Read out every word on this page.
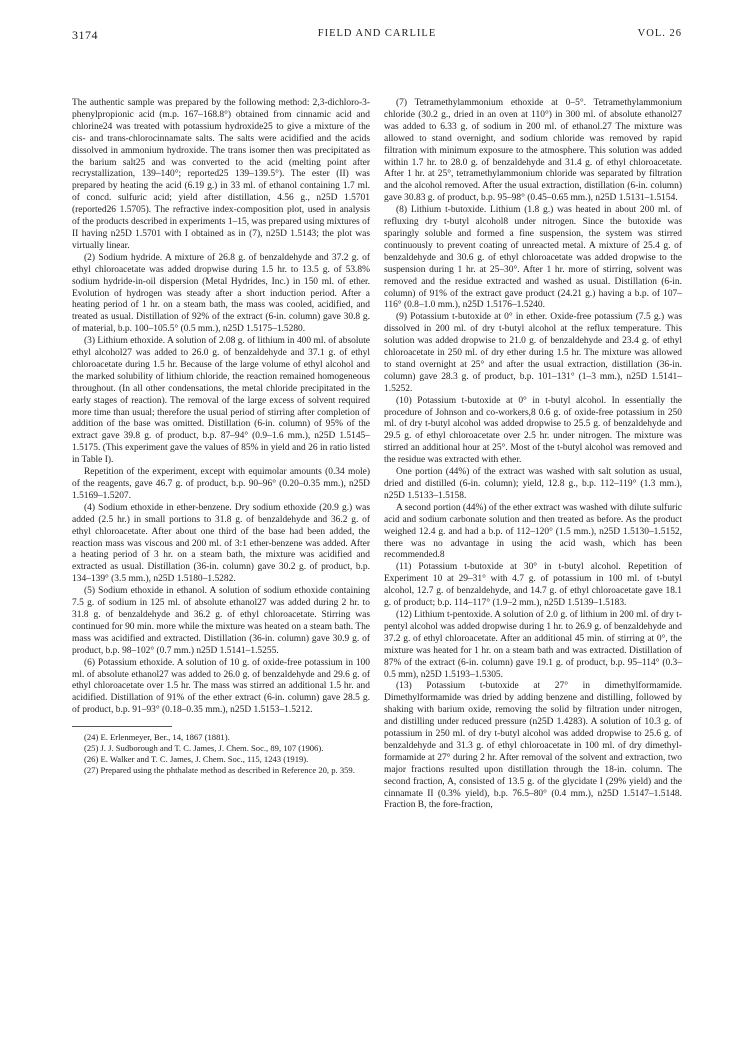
3174	FIELD AND CARLILE	VOL. 26

The authentic sample was prepared by the following method: 2,3-dichloro-3-phenylpropionic acid (m.p. 167–168.8°) obtained from cinnamic acid and chlorine24 was treated with potassium hydroxide25 to give a mixture of the cis- and trans-chlorocinnamate salts. The salts were acidified and the acids dissolved in ammonium hydroxide. The trans isomer then was precipitated as the barium salt25 and was converted to the acid (melting point after recrystallization, 139–140°; reported25 139–139.5°). The ester (II) was prepared by heating the acid (6.19 g.) in 33 ml. of ethanol containing 1.7 ml. of concd. sulfuric acid; yield after distillation, 4.56 g., n25D 1.5701 (reported26 1.5705). The refractive index-composition plot, used in analysis of the products described in experiments 1–15, was prepared using mixtures of II having n25D 1.5701 with I obtained as in (7), n25D 1.5143; the plot was virtually linear.

(2) Sodium hydride. A mixture of 26.8 g. of benzaldehyde and 37.2 g. of ethyl chloroacetate was added dropwise during 1.5 hr. to 13.5 g. of 53.8% sodium hydride-in-oil dispersion (Metal Hydrides, Inc.) in 150 ml. of ether. Evolution of hydrogen was steady after a short induction period. After a heating period of 1 hr. on a steam bath, the mass was cooled, acidified, and treated as usual. Distillation of 92% of the extract (6-in. column) gave 30.8 g. of material, b.p. 100–105.5° (0.5 mm.), n25D 1.5175–1.5280.

(3) Lithium ethoxide. A solution of 2.08 g. of lithium in 400 ml. of absolute ethyl alcohol27 was added to 26.0 g. of benzaldehyde and 37.1 g. of ethyl chloroacetate during 1.5 hr. Because of the large volume of ethyl alcohol and the marked solubility of lithium chloride, the reaction remained homogeneous throughout. (In all other condensations, the metal chloride precipitated in the early stages of reaction). The removal of the large excess of solvent required more time than usual; therefore the usual period of stirring after completion of addition of the base was omitted. Distillation (6-in. column) of 95% of the extract gave 39.8 g. of product, b.p. 87–94° (0.9–1.6 mm.), n25D 1.5145–1.5175. (This experiment gave the values of 85% in yield and 26 in ratio listed in Table I).

Repetition of the experiment, except with equimolar amounts (0.34 mole) of the reagents, gave 46.7 g. of product, b.p. 90–96° (0.20–0.35 mm.), n25D 1.5169–1.5207.

(4) Sodium ethoxide in ether-benzene. Dry sodium ethoxide (20.9 g.) was added (2.5 hr.) in small portions to 31.8 g. of benzaldehyde and 36.2 g. of ethyl chloroacetate. After about one third of the base had been added, the reaction mass was viscous and 200 ml. of 3:1 ether-benzene was added. After a heating period of 3 hr. on a steam bath, the mixture was acidified and extracted as usual. Distillation (36-in. column) gave 30.2 g. of product, b.p. 134–139° (3.5 mm.), n25D 1.5180–1.5282.

(5) Sodium ethoxide in ethanol. A solution of sodium ethoxide containing 7.5 g. of sodium in 125 ml. of absolute ethanol27 was added during 2 hr. to 31.8 g. of benzaldehyde and 36.2 g. of ethyl chloroacetate. Stirring was continued for 90 min. more while the mixture was heated on a steam bath. The mass was acidified and extracted. Distillation (36-in. column) gave 30.9 g. of product, b.p. 98–102° (0.7 mm.) n25D 1.5141–1.5255.

(6) Potassium ethoxide. A solution of 10 g. of oxide-free potassium in 100 ml. of absolute ethanol27 was added to 26.0 g. of benzaldehyde and 29.6 g. of ethyl chloroacetate over 1.5 hr. The mass was stirred an additional 1.5 hr. and acidified. Distillation of 91% of the ether extract (6-in. column) gave 28.5 g. of product, b.p. 91–93° (0.18–0.35 mm.), n25D 1.5153–1.5212.

(24) E. Erlenmeyer, Ber., 14, 1867 (1881).

(25) J. J. Sudborough and T. C. James, J. Chem. Soc., 89, 107 (1906).

(26) E. Walker and T. C. James, J. Chem. Soc., 115, 1243 (1919).

(27) Prepared using the phthalate method as described in Reference 20, p. 359.

(7) Tetramethylammonium ethoxide at 0–5°. Tetramethylammonium chloride (30.2 g., dried in an oven at 110°) in 300 ml. of absolute ethanol27 was added to 6.33 g. of sodium in 200 ml. of ethanol.27 The mixture was allowed to stand overnight, and sodium chloride was removed by rapid filtration with minimum exposure to the atmosphere. This solution was added within 1.7 hr. to 28.0 g. of benzaldehyde and 31.4 g. of ethyl chloroacetate. After 1 hr. at 25°, tetramethylammonium chloride was separated by filtration and the alcohol removed. After the usual extraction, distillation (6-in. column) gave 30.83 g. of product, b.p. 95–98° (0.45–0.65 mm.), n25D 1.5131–1.5154.

(8) Lithium t-butoxide. Lithium (1.8 g.) was heated in about 200 ml. of refluxing dry t-butyl alcohol8 under nitrogen. Since the butoxide was sparingly soluble and formed a fine suspension, the system was stirred continuously to prevent coating of unreacted metal. A mixture of 25.4 g. of benzaldehyde and 30.6 g. of ethyl chloroacetate was added dropwise to the suspension during 1 hr. at 25–30°. After 1 hr. more of stirring, solvent was removed and the residue extracted and washed as usual. Distillation (6-in. column) of 91% of the extract gave product (24.21 g.) having a b.p. of 107–116° (0.8–1.0 mm.), n25D 1.5176–1.5240.

(9) Potassium t-butoxide at 0° in ether. Oxide-free potassium (7.5 g.) was dissolved in 200 ml. of dry t-butyl alcohol at the reflux temperature. This solution was added dropwise to 21.0 g. of benzaldehyde and 23.4 g. of ethyl chloroacetate in 250 ml. of dry ether during 1.5 hr. The mixture was allowed to stand overnight at 25° and after the usual extraction, distillation (36-in. column) gave 28.3 g. of product, b.p. 101–131° (1–3 mm.), n25D 1.5141–1.5252.

(10) Potassium t-butoxide at 0° in t-butyl alcohol. In essentially the procedure of Johnson and co-workers,8 0.6 g. of oxide-free potassium in 250 ml. of dry t-butyl alcohol was added dropwise to 25.5 g. of benzaldehyde and 29.5 g. of ethyl chloroacetate over 2.5 hr. under nitrogen. The mixture was stirred an additional hour at 25°. Most of the t-butyl alcohol was removed and the residue was extracted with ether.

One portion (44%) of the extract was washed with salt solution as usual, dried and distilled (6-in. column); yield, 12.8 g., b.p. 112–119° (1.3 mm.), n25D 1.5133–1.5158.

A second portion (44%) of the ether extract was washed with dilute sulfuric acid and sodium carbonate solution and then treated as before. As the product weighed 12.4 g. and had a b.p. of 112–120° (1.5 mm.), n25D 1.5130–1.5152, there was no advantage in using the acid wash, which has been recommended.8

(11) Potassium t-butoxide at 30° in t-butyl alcohol. Repetition of Experiment 10 at 29–31° with 4.7 g. of potassium in 100 ml. of t-butyl alcohol, 12.7 g. of benzaldehyde, and 14.7 g. of ethyl chloroacetate gave 18.1 g. of product; b.p. 114–117° (1.9–2 mm.), n25D 1.5139–1.5183.

(12) Lithium t-pentoxide. A solution of 2.0 g. of lithium in 200 ml. of dry t-pentyl alcohol was added dropwise during 1 hr. to 26.9 g. of benzaldehyde and 37.2 g. of ethyl chloroacetate. After an additional 45 min. of stirring at 0°, the mixture was heated for 1 hr. on a steam bath and was extracted. Distillation of 87% of the extract (6-in. column) gave 19.1 g. of product, b.p. 95–114° (0.3–0.5 mm), n25D 1.5193–1.5305.

(13) Potassium t-butoxide at 27° in dimethylformamide. Dimethylformamide was dried by adding benzene and distilling, followed by shaking with barium oxide, removing the solid by filtration under nitrogen, and distilling under reduced pressure (n25D 1.4283). A solution of 10.3 g. of potassium in 250 ml. of dry t-butyl alcohol was added dropwise to 25.6 g. of benzaldehyde and 31.3 g. of ethyl chloroacetate in 100 ml. of dry dimethyl-formamide at 27° during 2 hr. After removal of the solvent and extraction, two major fractions resulted upon distillation through the 18-in. column. The second fraction, A, consisted of 13.5 g. of the glycidate I (29% yield) and the cinnamate II (0.3% yield), b.p. 76.5–80° (0.4 mm.), n25D 1.5147–1.5148. Fraction B, the fore-fraction,
